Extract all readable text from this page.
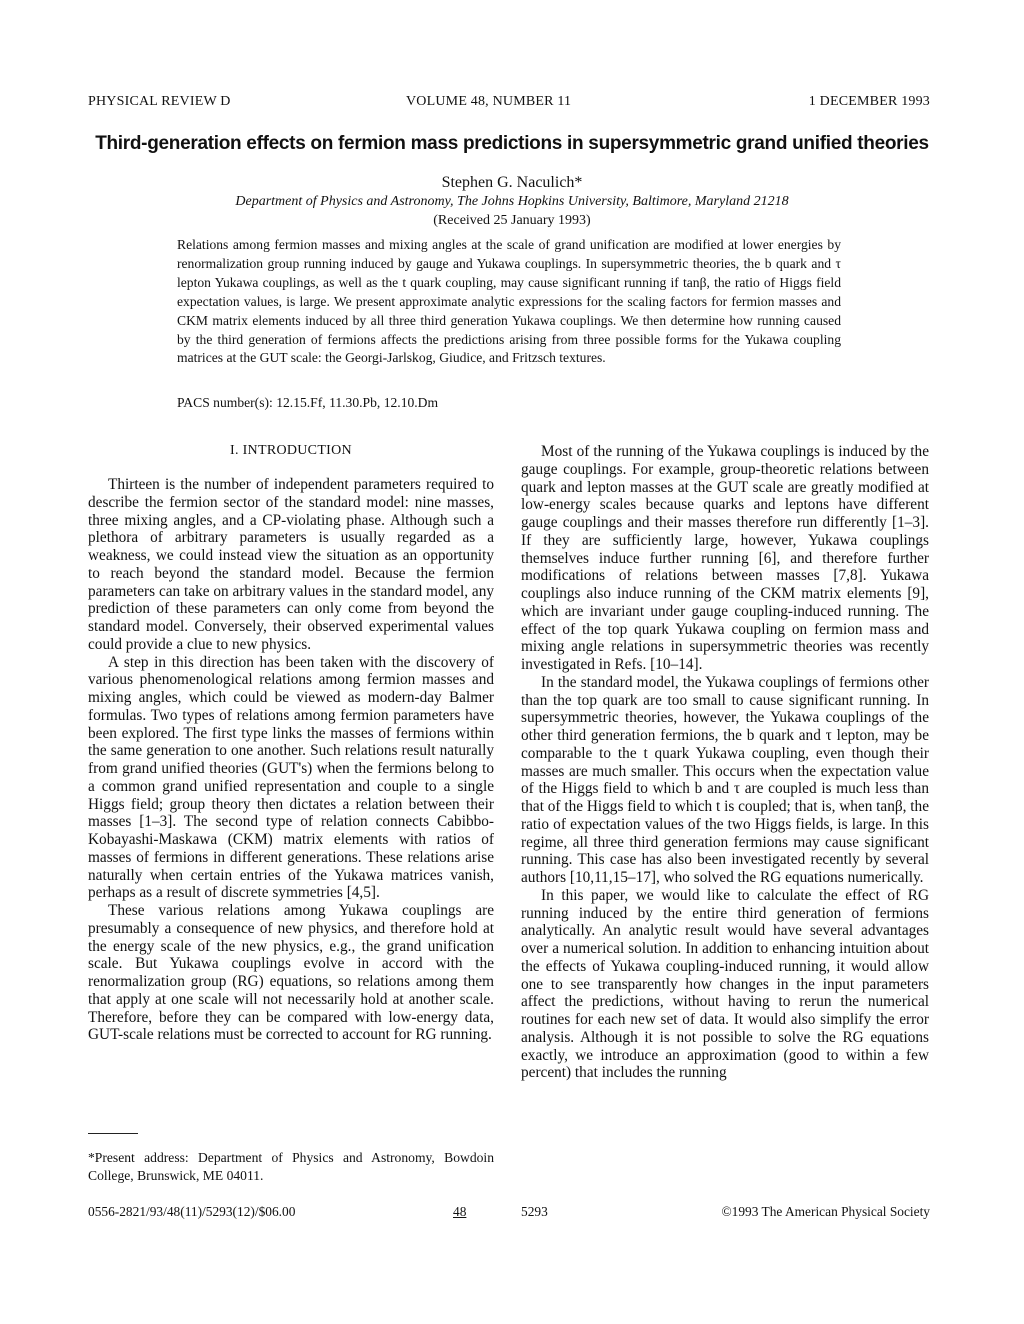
PHYSICAL REVIEW D	VOLUME 48, NUMBER 11	1 DECEMBER 1993
Third-generation effects on fermion mass predictions in supersymmetric grand unified theories
Stephen G. Naculich*
Department of Physics and Astronomy, The Johns Hopkins University, Baltimore, Maryland 21218
(Received 25 January 1993)

Relations among fermion masses and mixing angles at the scale of grand unification are modified at lower energies by renormalization group running induced by gauge and Yukawa couplings. In supersymmetric theories, the b quark and τ lepton Yukawa couplings, as well as the t quark coupling, may cause significant running if tanβ, the ratio of Higgs field expectation values, is large. We present approximate analytic expressions for the scaling factors for fermion masses and CKM matrix elements induced by all three third generation Yukawa couplings. We then determine how running caused by the third generation of fermions affects the predictions arising from three possible forms for the Yukawa coupling matrices at the GUT scale: the Georgi-Jarlskog, Giudice, and Fritzsch textures.

PACS number(s): 12.15.Ff, 11.30.Pb, 12.10.Dm
I. INTRODUCTION

Thirteen is the number of independent parameters required to describe the fermion sector of the standard model: nine masses, three mixing angles, and a CP-violating phase. Although such a plethora of arbitrary parameters is usually regarded as a weakness, we could instead view the situation as an opportunity to reach beyond the standard model. Because the fermion parameters can take on arbitrary values in the standard model, any prediction of these parameters can only come from beyond the standard model. Conversely, their observed experimental values could provide a clue to new physics.

A step in this direction has been taken with the discovery of various phenomenological relations among fermion masses and mixing angles, which could be viewed as modern-day Balmer formulas. Two types of relations among fermion parameters have been explored. The first type links the masses of fermions within the same generation to one another. Such relations result naturally from grand unified theories (GUT's) when the fermions belong to a common grand unified representation and couple to a single Higgs field; group theory then dictates a relation between their masses [1–3]. The second type of relation connects Cabibbo-Kobayashi-Maskawa (CKM) matrix elements with ratios of masses of fermions in different generations. These relations arise naturally when certain entries of the Yukawa matrices vanish, perhaps as a result of discrete symmetries [4,5].

These various relations among Yukawa couplings are presumably a consequence of new physics, and therefore hold at the energy scale of the new physics, e.g., the grand unification scale. But Yukawa couplings evolve in accord with the renormalization group (RG) equations, so relations among them that apply at one scale will not necessarily hold at another scale. Therefore, before they can be compared with low-energy data, GUT-scale relations must be corrected to account for RG running.

Most of the running of the Yukawa couplings is induced by the gauge couplings. For example, group-theoretic relations between quark and lepton masses at the GUT scale are greatly modified at low-energy scales because quarks and leptons have different gauge couplings and their masses therefore run differently [1–3]. If they are sufficiently large, however, Yukawa couplings themselves induce further running [6], and therefore further modifications of relations between masses [7,8]. Yukawa couplings also induce running of the CKM matrix elements [9], which are invariant under gauge coupling-induced running. The effect of the top quark Yukawa coupling on fermion mass and mixing angle relations in supersymmetric theories was recently investigated in Refs. [10–14].

In the standard model, the Yukawa couplings of fermions other than the top quark are too small to cause significant running. In supersymmetric theories, however, the Yukawa couplings of the other third generation fermions, the b quark and τ lepton, may be comparable to the t quark Yukawa coupling, even though their masses are much smaller. This occurs when the expectation value of the Higgs field to which b and τ are coupled is much less than that of the Higgs field to which t is coupled; that is, when tanβ, the ratio of expectation values of the two Higgs fields, is large. In this regime, all three third generation fermions may cause significant running. This case has also been investigated recently by several authors [10,11,15–17], who solved the RG equations numerically.

In this paper, we would like to calculate the effect of RG running induced by the entire third generation of fermions analytically. An analytic result would have several advantages over a numerical solution. In addition to enhancing intuition about the effects of Yukawa coupling-induced running, it would allow one to see transparently how changes in the input parameters affect the predictions, without having to rerun the numerical routines for each new set of data. It would also simplify the error analysis. Although it is not possible to solve the RG equations exactly, we introduce an approximation (good to within a few percent) that includes the running

*Present address: Department of Physics and Astronomy, Bowdoin College, Brunswick, ME 04011.
0556-2821/93/48(11)/5293(12)/$06.00	48	5293	©1993 The American Physical Society
